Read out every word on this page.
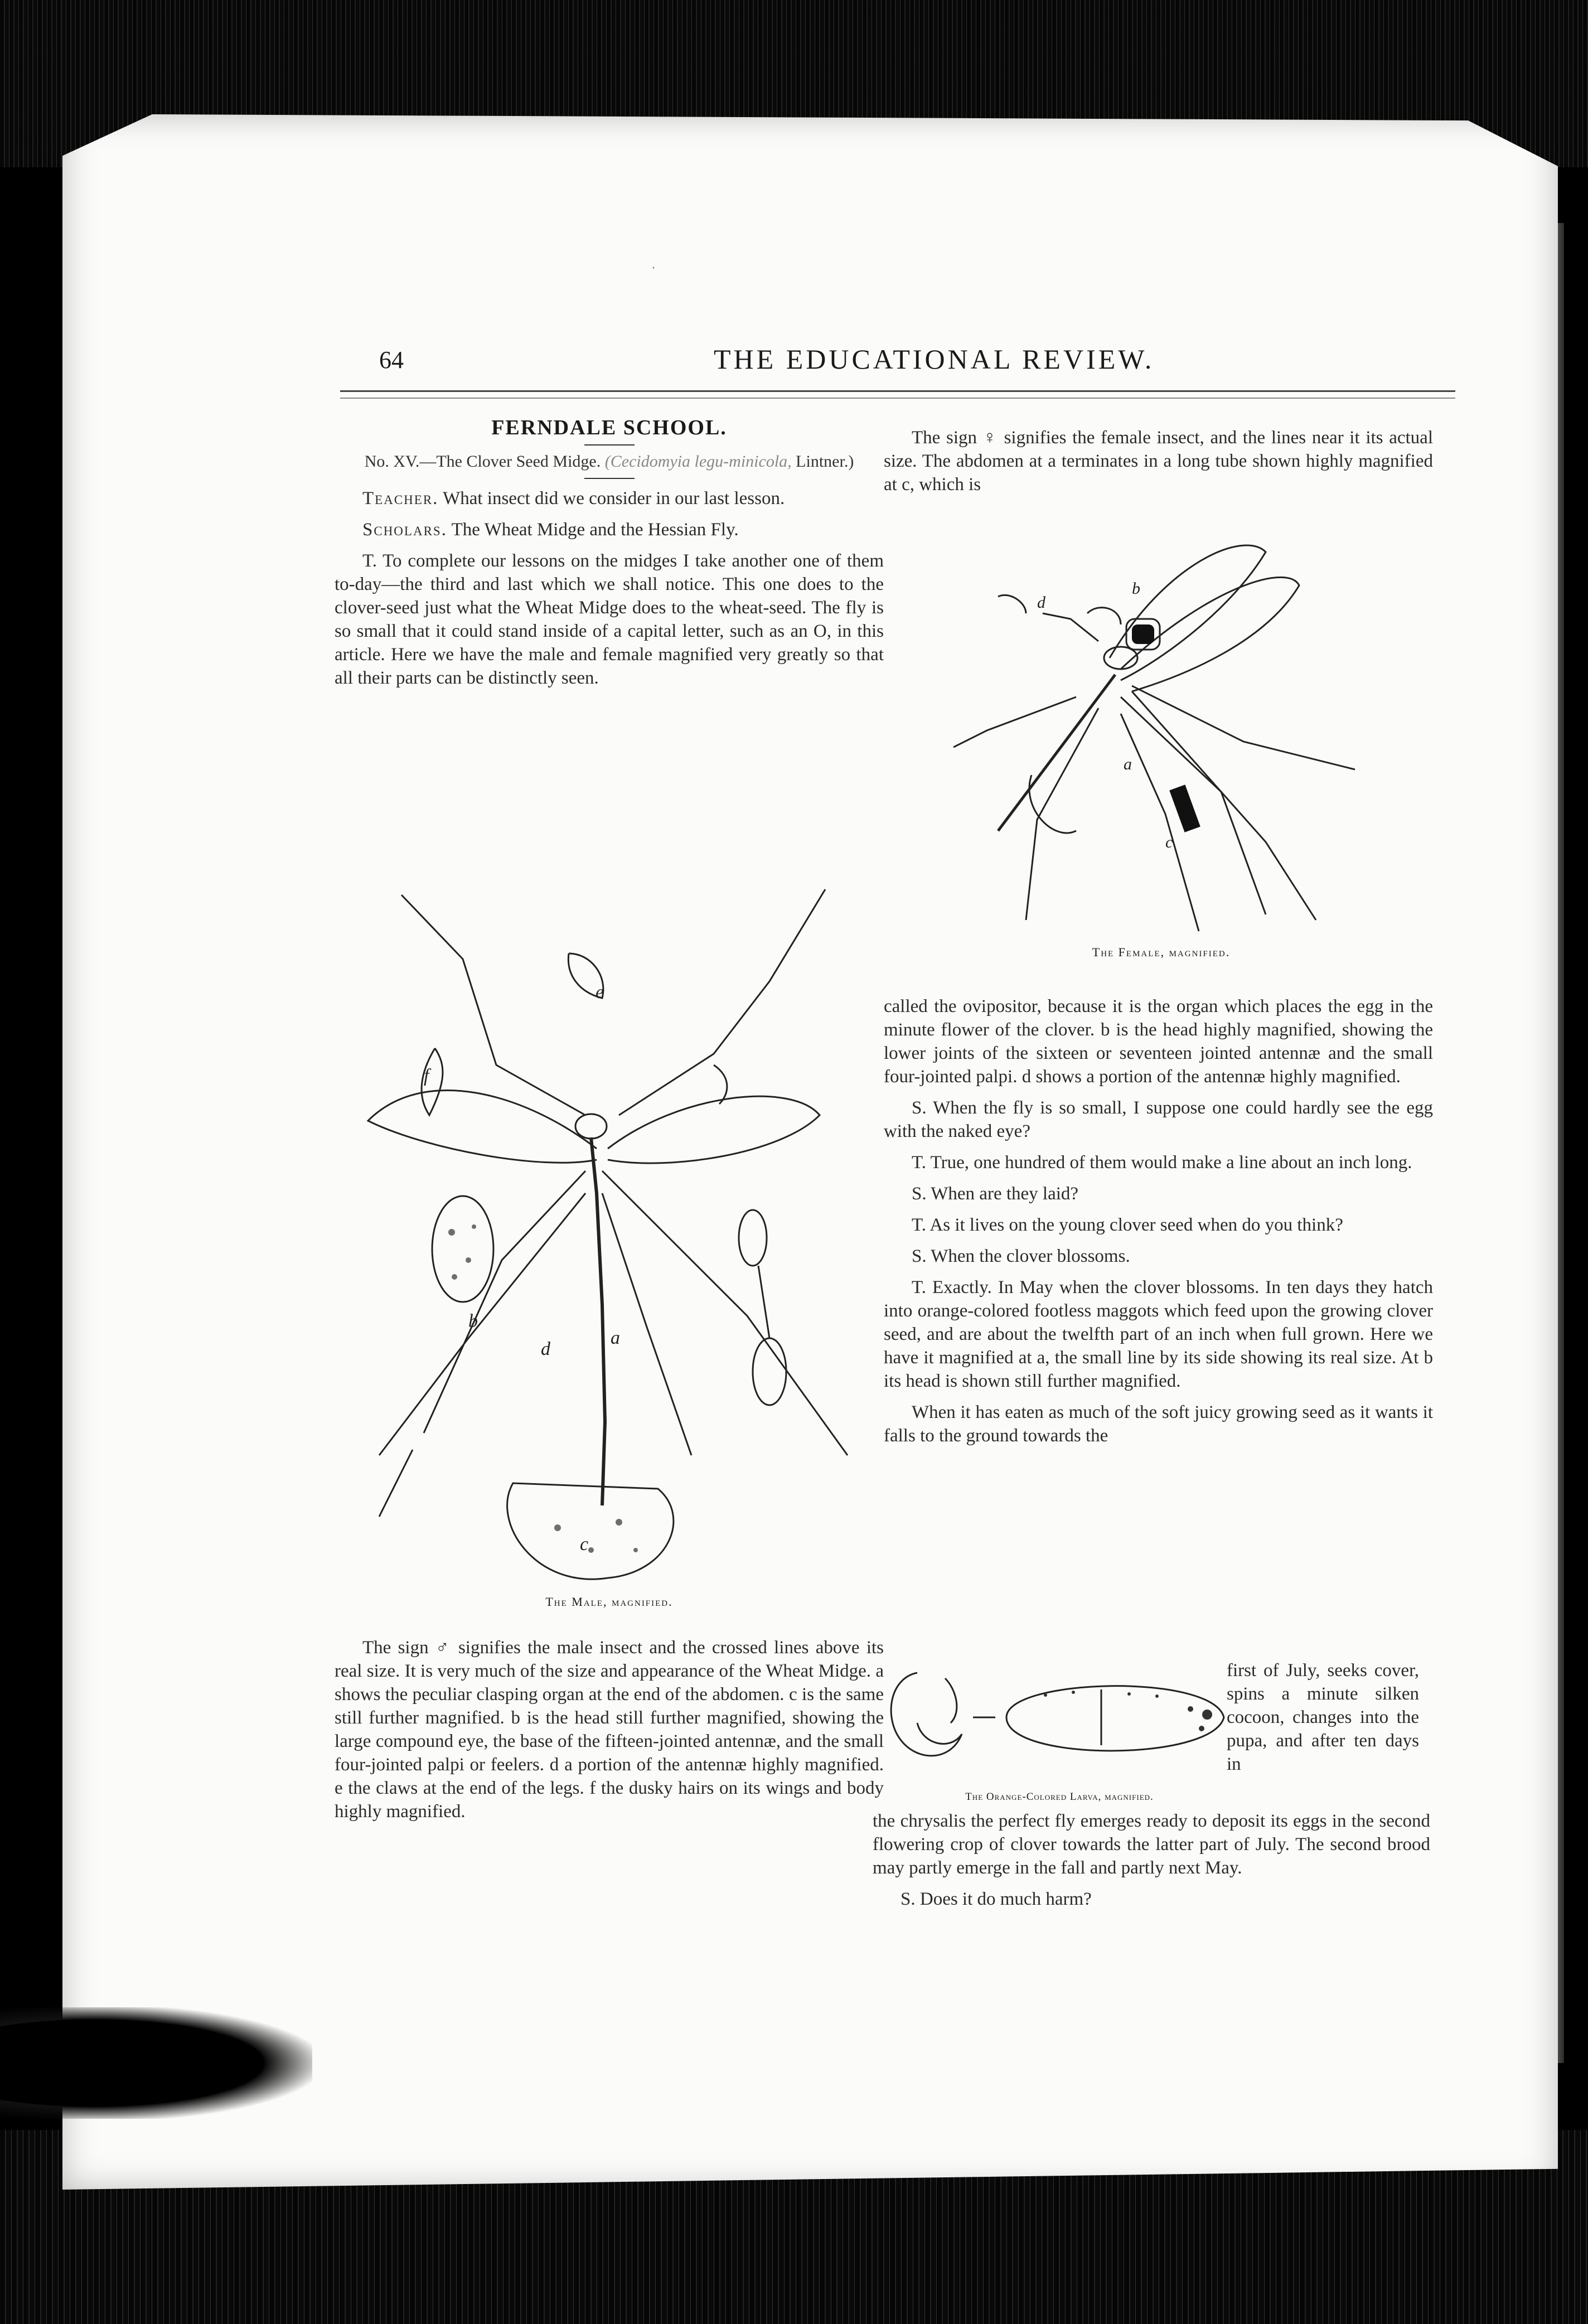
·
64	THE EDUCATIONAL REVIEW.
FERNDALE SCHOOL.
No. XV.—The Clover Seed Midge. (Cecidomyia legu-minicola, Lintner.)

Teacher. What insect did we consider in our last lesson.

Scholars. The Wheat Midge and the Hessian Fly.

T. To complete our lessons on the midges I take another one of them to-day—the third and last which we shall notice. This one does to the clover-seed just what the Wheat Midge does to the wheat-seed. The fly is so small that it could stand inside of a capital letter, such as an O, in this article. Here we have the male and female magnified very greatly so that all their parts can be distinctly seen.

a
b
c
d
e
f
The Male, magnified.

The sign ♂ signifies the male insect and the crossed lines above its real size. It is very much of the size and appearance of the Wheat Midge. a shows the peculiar clasping organ at the end of the abdomen. c is the same still further magnified. b is the head still further magnified, showing the large compound eye, the base of the fifteen-jointed antennæ, and the small four-jointed palpi or feelers. d a portion of the antennæ highly magnified. e the claws at the end of the legs. f the dusky hairs on its wings and body highly magnified.

The sign ♀ signifies the female insect, and the lines near it its actual size. The abdomen at a terminates in a long tube shown highly magnified at c, which is

a
b
c
d
The Female, magnified.

called the ovipositor, because it is the organ which places the egg in the minute flower of the clover. b is the head highly magnified, showing the lower joints of the sixteen or seventeen jointed antennæ and the small four-jointed palpi. d shows a portion of the antennæ highly magnified.

S. When the fly is so small, I suppose one could hardly see the egg with the naked eye?

T. True, one hundred of them would make a line about an inch long.

S. When are they laid?

T. As it lives on the young clover seed when do you think?

S. When the clover blossoms.

T. Exactly. In May when the clover blossoms. In ten days they hatch into orange-colored footless maggots which feed upon the growing clover seed, and are about the twelfth part of an inch when full grown. Here we have it magnified at a, the small line by its side showing its real size. At b its head is shown still further magnified.

When it has eaten as much of the soft juicy growing seed as it wants it falls to the ground towards the

The Orange-Colored Larva, magnified.

first of July, seeks cover, spins a minute silken cocoon, changes into the pupa, and after ten days in

the chrysalis the perfect fly emerges ready to deposit its eggs in the second flowering crop of clover towards the latter part of July. The second brood may partly emerge in the fall and partly next May.

S. Does it do much harm?
